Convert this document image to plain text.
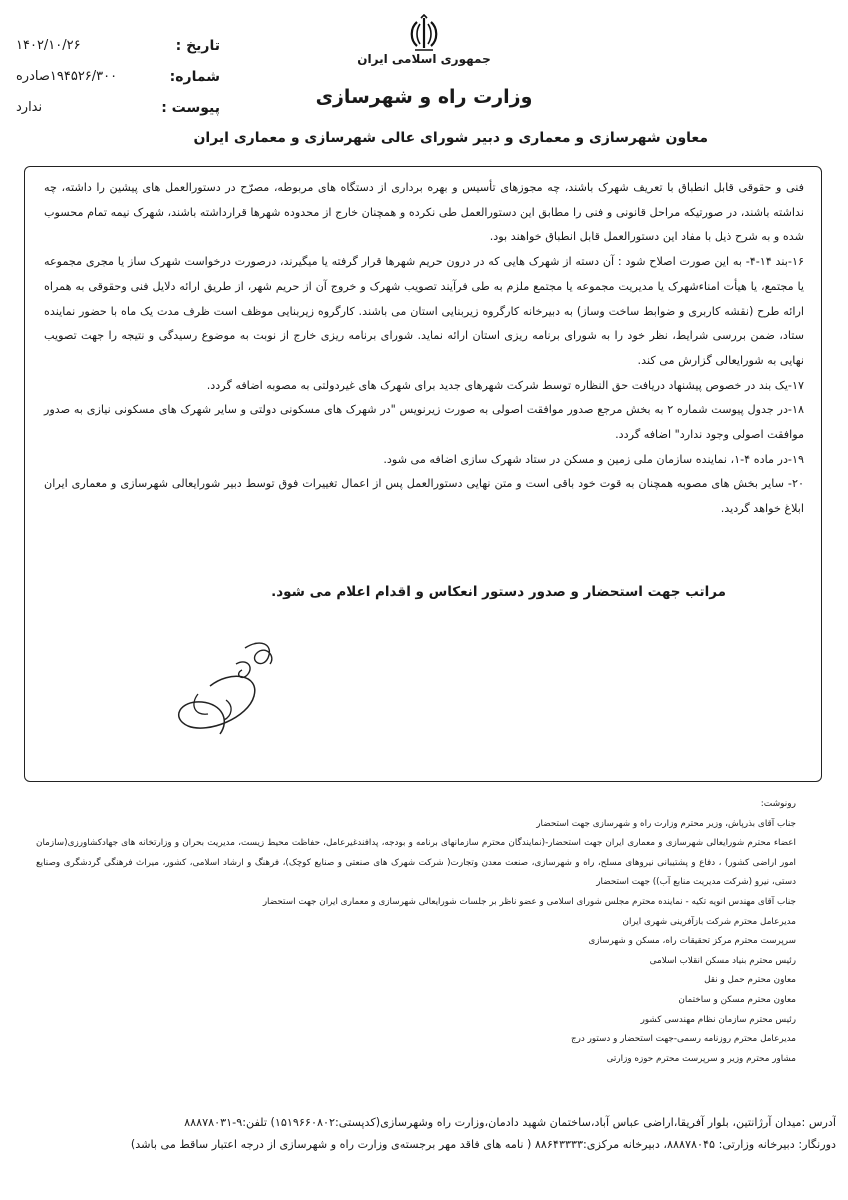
جمهوری اسلامی ایران
وزارت راه و شهرسازی
تاریخ :
۱۴۰۲/۱۰/۲۶
شماره:
۱۹۴۵۲۶/۳۰۰صادره
پیوست :
ندارد
معاون شهرسازی و معماری و دبیر شورای عالی شهرسازی و معماری ایران

فنی و حقوقی قابل انطباق با تعریف شهرک باشند، چه مجوزهای تأسیس و بهره برداری از دستگاه های مربوطه، مصرّح در دستورالعمل های پیشین را داشته، چه نداشته باشند، در صورتیکه مراحل قانونی و فنی را مطابق این دستورالعمل طی نکرده و همچنان خارج از محدوده شهرها قرارداشته باشند، شهرک نیمه تمام محسوب شده و به شرح ذیل با مفاد این دستورالعمل قابل انطباق خواهند بود.

۱۶-بند ۱۴-۴- به این صورت اصلاح شود : آن دسته از شهرک هایی که در درون حریم شهرها قرار گرفته یا میگیرند، درصورت درخواست شهرک ساز یا مجری مجموعه یا مجتمع، یا هیأت امناءشهرک یا مدیریت مجموعه یا مجتمع ملزم به طی فرآیند تصویب شهرک و خروج آن از حریم شهر، از طریق ارائه دلایل فنی وحقوقی به همراه ارائه طرح (نقشه کاربری و ضوابط ساخت وساز) به دبیرخانه کارگروه زیربنایی استان می باشند. کارگروه زیربنایی موظف است ظرف مدت یک ماه با حضور نماینده ستاد، ضمن بررسی شرایط، نظر خود را به شورای برنامه ریزی استان ارائه نماید. شورای برنامه ریزی خارج از نوبت به موضوع رسیدگی و نتیجه را جهت تصویب نهایی به شورایعالی گزارش می کند.

۱۷-یک بند در خصوص پیشنهاد دریافت حق النظاره توسط شرکت شهرهای جدید برای شهرک های غیردولتی به مصوبه اضافه گردد.

۱۸-در جدول پیوست شماره ۲ به بخش مرجع صدور موافقت اصولی به صورت زیرنویس "در شهرک های مسکونی دولتی و سایر شهرک های مسکونی نیازی به صدور موافقت اصولی وجود ندارد" اضافه گردد.

۱۹-در ماده ۴-۱، نماینده سازمان ملی زمین و مسکن در ستاد شهرک سازی اضافه می شود.

۲۰- سایر بخش های مصوبه همچنان به قوت خود باقی است و متن نهایی دستورالعمل پس از اعمال تغییرات فوق توسط دبیر شورایعالی شهرسازی و معماری ایران ابلاغ خواهد گردید.

مراتب جهت استحضار و صدور دستور انعکاس و اقدام اعلام می شود.
رونوشت:
جناب آقای بذرپاش، وزیر محترم وزارت راه و شهرسازی جهت استحضار
اعضاء محترم شورایعالی شهرسازی و معماری ایران جهت استحضار-(نمایندگان محترم سازمانهای برنامه و بودجه، پدافندغیرعامل، حفاظت محیط زیست، مدیریت بحران و وزارتخانه های جهادکشاورزی(سازمان امور اراضی کشور) ، دفاع و پشتیبانی نیروهای مسلح، راه و شهرسازی، صنعت معدن وتجارت( شرکت شهرک های صنعتی و صنایع کوچک)، فرهنگ و ارشاد اسلامی، کشور، میراث فرهنگی گردشگری وصنایع دستی، نیرو (شرکت مدیریت منابع آب)) جهت استحضار
جناب آقای مهندس انویه تکیه - نماینده محترم مجلس شورای اسلامی و عضو ناظر بر جلسات شورایعالی شهرسازی و معماری ایران جهت استحضار
مدیرعامل محترم شرکت بازآفرینی شهری ایران
سرپرست محترم مرکز تحقیقات راه، مسکن و شهرسازی
رئیس محترم بنیاد مسکن انقلاب اسلامی
معاون محترم حمل و نقل
معاون محترم مسکن و ساختمان
رئیس محترم سازمان نظام مهندسی کشور
مدیرعامل محترم روزنامه رسمی-جهت استحضار و دستور درج
مشاور محترم وزیر و سرپرست محترم حوزه وزارتی
آدرس :میدان آرژانتین، بلوار آفریقا،اراضی عباس آباد،ساختمان شهید دادمان،وزارت راه وشهرسازی(کدپستی:۱۵۱۹۶۶۰۸۰۲) تلفن:۹-۸۸۸۷۸۰۳۱
دورنگار: دبیرخانه وزارتی: ۸۸۸۷۸۰۴۵، دبیرخانه مرکزی:۸۸۶۴۳۳۳۳ ( نامه های فاقد مهر برجسته‌ی وزارت راه و شهرسازی از درجه اعتبار ساقط می باشد)
